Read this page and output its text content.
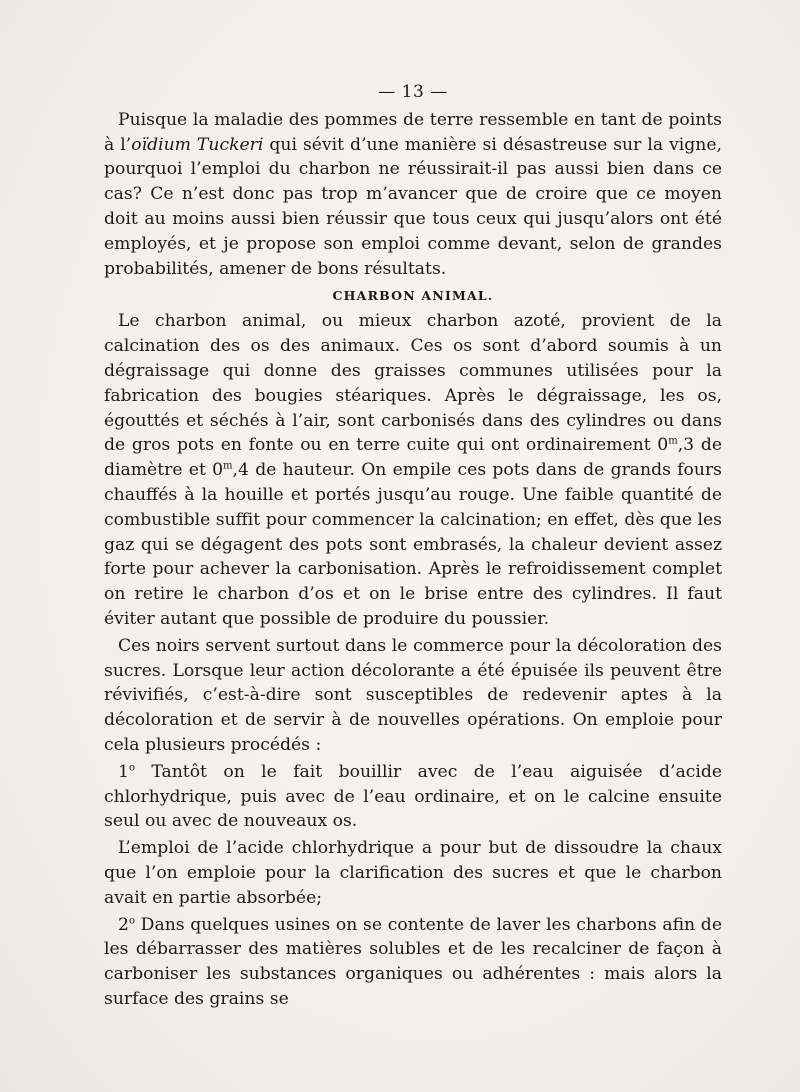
— 13 —

Puisque la maladie des pommes de terre ressemble en tant de points à l’oïdium Tuckeri qui sévit d’une manière si désastreuse sur la vigne, pourquoi l’emploi du charbon ne réussirait-il pas aussi bien dans ce cas? Ce n’est donc pas trop m’avancer que de croire que ce moyen doit au moins aussi bien réussir que tous ceux qui jusqu’alors ont été employés, et je propose son emploi comme devant, selon de grandes probabilités, amener de bons résultats.

CHARBON ANIMAL.

Le charbon animal, ou mieux charbon azoté, provient de la calcination des os des animaux. Ces os sont d’abord soumis à un dégraissage qui donne des graisses communes utilisées pour la fabrication des bougies stéariques. Après le dégraissage, les os, égouttés et séchés à l’air, sont carbonisés dans des cylindres ou dans de gros pots en fonte ou en terre cuite qui ont ordinairement 0$^m$,3 de diamètre et 0$^m$,4 de hauteur. On empile ces pots dans de grands fours chauffés à la houille et portés jusqu’au rouge. Une faible quantité de combustible suffit pour commencer la calcination; en effet, dès que les gaz qui se dégagent des pots sont embrasés, la chaleur devient assez forte pour achever la carbonisation. Après le refroidissement complet on retire le charbon d’os et on le brise entre des cylindres. Il faut éviter autant que possible de produire du poussier.

Ces noirs servent surtout dans le commerce pour la décoloration des sucres. Lorsque leur action décolorante a été épuisée ils peuvent être révivifiés, c’est-à-dire sont susceptibles de redevenir aptes à la décoloration et de servir à de nouvelles opérations. On emploie pour cela plusieurs procédés :

1$^o$ Tantôt on le fait bouillir avec de l’eau aiguisée d’acide chlorhydrique, puis avec de l’eau ordinaire, et on le calcine ensuite seul ou avec de nouveaux os.

L’emploi de l’acide chlorhydrique a pour but de dissoudre la chaux que l’on emploie pour la clarification des sucres et que le charbon avait en partie absorbée;

2$^o$ Dans quelques usines on se contente de laver les charbons afin de les débarrasser des matières solubles et de les recalciner de façon à carboniser les substances organiques ou adhérentes : mais alors la surface des grains se
